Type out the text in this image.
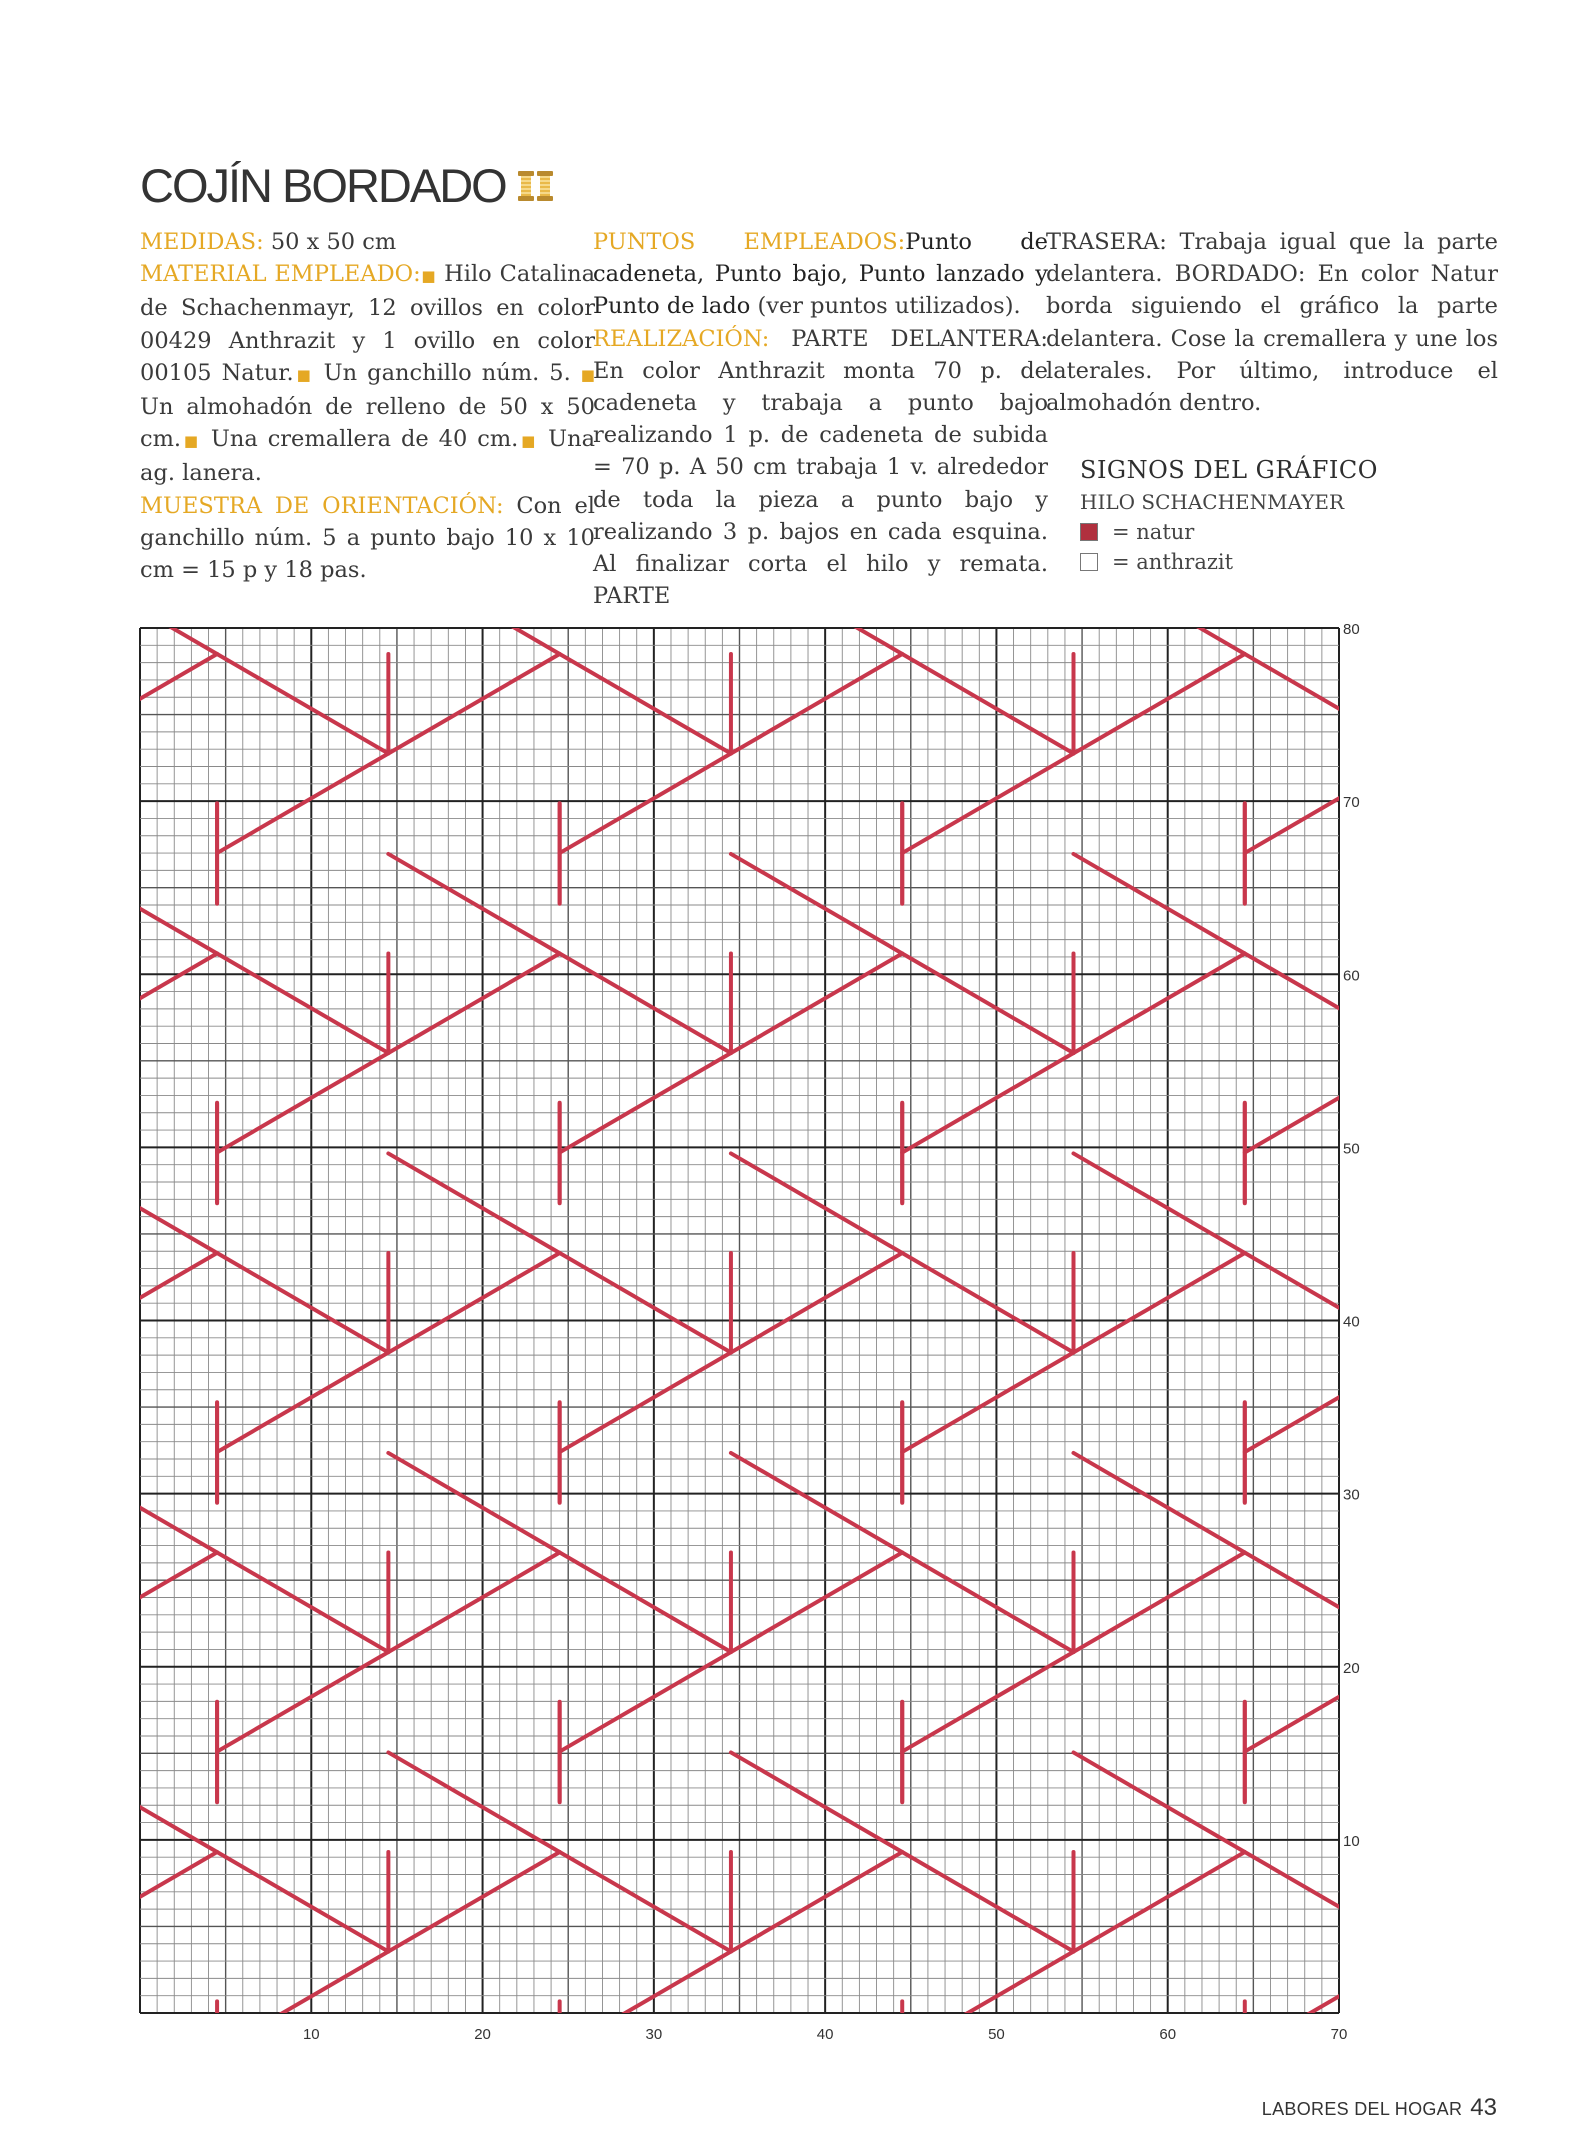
COJÍN BORDADO

MEDIDAS: 50 x 50 cm

MATERIAL EMPLEADO:■ Hilo Catalina de Schachenmayr, 12 ovillos en color 00429 Anthrazit y 1 ovillo en color 00105 Natur.■ Un ganchillo núm. 5. ■ Un almohadón de relleno de 50 x 50 cm.■ Una cremallera de 40 cm.■ Una ag. lanera.

MUESTRA DE ORIENTACIÓN: Con el ganchillo núm. 5 a punto bajo 10 x 10 cm = 15 p y 18 pas.

PUNTOS EMPLEADOS:Punto de cadeneta, Punto bajo, Punto lanzado y Punto de lado (ver puntos utilizados).

REALIZACIÓN: PARTE DELANTERA: En color Anthrazit monta 70 p. de cadeneta y trabaja a punto bajo realizando 1 p. de cadeneta de subida = 70 p. A 50 cm trabaja 1 v. alrededor de toda la pieza a punto bajo y realizando 3 p. bajos en cada esquina. Al finalizar corta el hilo y remata. PARTE

TRASERA: Trabaja igual que la parte delantera. BORDADO: En color Natur borda siguiendo el gráfico la parte delantera. Cose la cremallera y une los laterales. Por último, introduce el almohadón dentro.

SIGNOS DEL GRÁFICO
HILO SCHACHENMAYER
= natur
= anthrazit
10	20	30	40	50	60	70
10
20
30
40
50
60
70
80
LABORES DEL HOGAR 43
